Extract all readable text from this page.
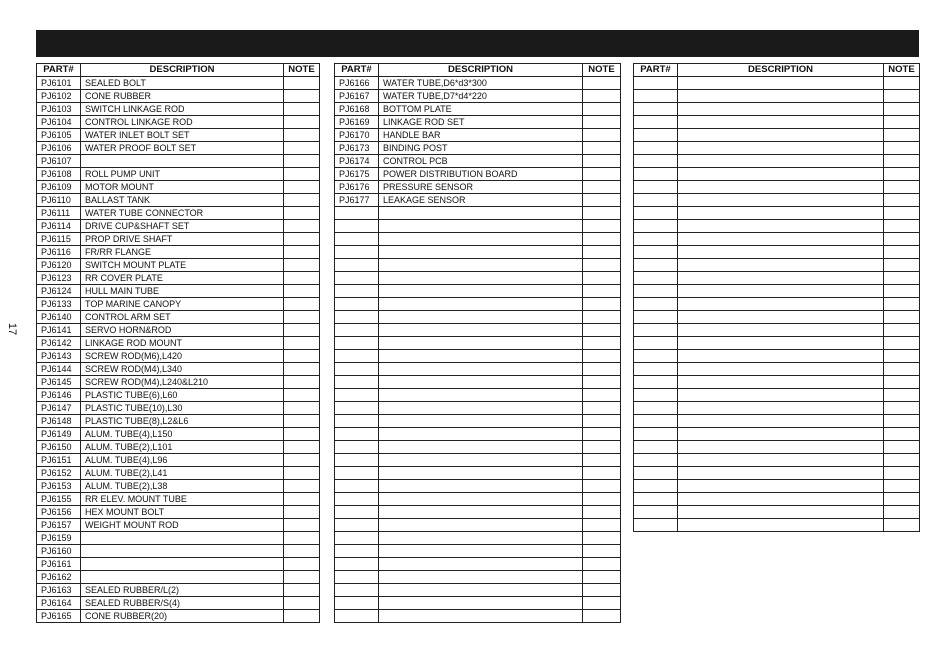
17
PART#	DESCRIPTION	NOTE
PJ6101	SEALED BOLT	
PJ6102	CONE RUBBER	
PJ6103	SWITCH LINKAGE ROD	
PJ6104	CONTROL LINKAGE ROD	
PJ6105	WATER INLET BOLT SET	
PJ6106	WATER PROOF BOLT SET	
PJ6107		
PJ6108	ROLL PUMP UNIT	
PJ6109	MOTOR MOUNT	
PJ6110	BALLAST TANK	
PJ6111	WATER TUBE CONNECTOR	
PJ6114	DRIVE CUP&SHAFT SET	
PJ6115	PROP DRIVE SHAFT	
PJ6116	FR/RR FLANGE	
PJ6120	SWITCH MOUNT PLATE	
PJ6123	RR COVER PLATE	
PJ6124	HULL MAIN TUBE	
PJ6133	TOP MARINE CANOPY	
PJ6140	CONTROL ARM SET	
PJ6141	SERVO HORN&ROD	
PJ6142	LINKAGE ROD MOUNT	
PJ6143	SCREW ROD(M6),L420	
PJ6144	SCREW ROD(M4),L340	
PJ6145	SCREW ROD(M4),L240&L210	
PJ6146	PLASTIC TUBE(6),L60	
PJ6147	PLASTIC TUBE(10),L30	
PJ6148	PLASTIC TUBE(8),L2&L6	
PJ6149	ALUM. TUBE(4),L150	
PJ6150	ALUM. TUBE(2),L101	
PJ6151	ALUM. TUBE(4),L96	
PJ6152	ALUM. TUBE(2),L41	
PJ6153	ALUM. TUBE(2),L38	
PJ6155	RR ELEV. MOUNT TUBE	
PJ6156	HEX MOUNT BOLT	
PJ6157	WEIGHT MOUNT ROD	
PJ6159		
PJ6160		
PJ6161		
PJ6162		
PJ6163	SEALED RUBBER/L(2)	
PJ6164	SEALED RUBBER/S(4)	
PJ6165	CONE RUBBER(20)	
PART#	DESCRIPTION	NOTE
PJ6166	WATER TUBE,D6*d3*300	
PJ6167	WATER TUBE,D7*d4*220	
PJ6168	BOTTOM PLATE	
PJ6169	LINKAGE ROD SET	
PJ6170	HANDLE BAR	
PJ6173	BINDING POST	
PJ6174	CONTROL PCB	
PJ6175	POWER DISTRIBUTION BOARD	
PJ6176	PRESSURE SENSOR	
PJ6177	LEAKAGE SENSOR	

PART#	DESCRIPTION	NOTE
